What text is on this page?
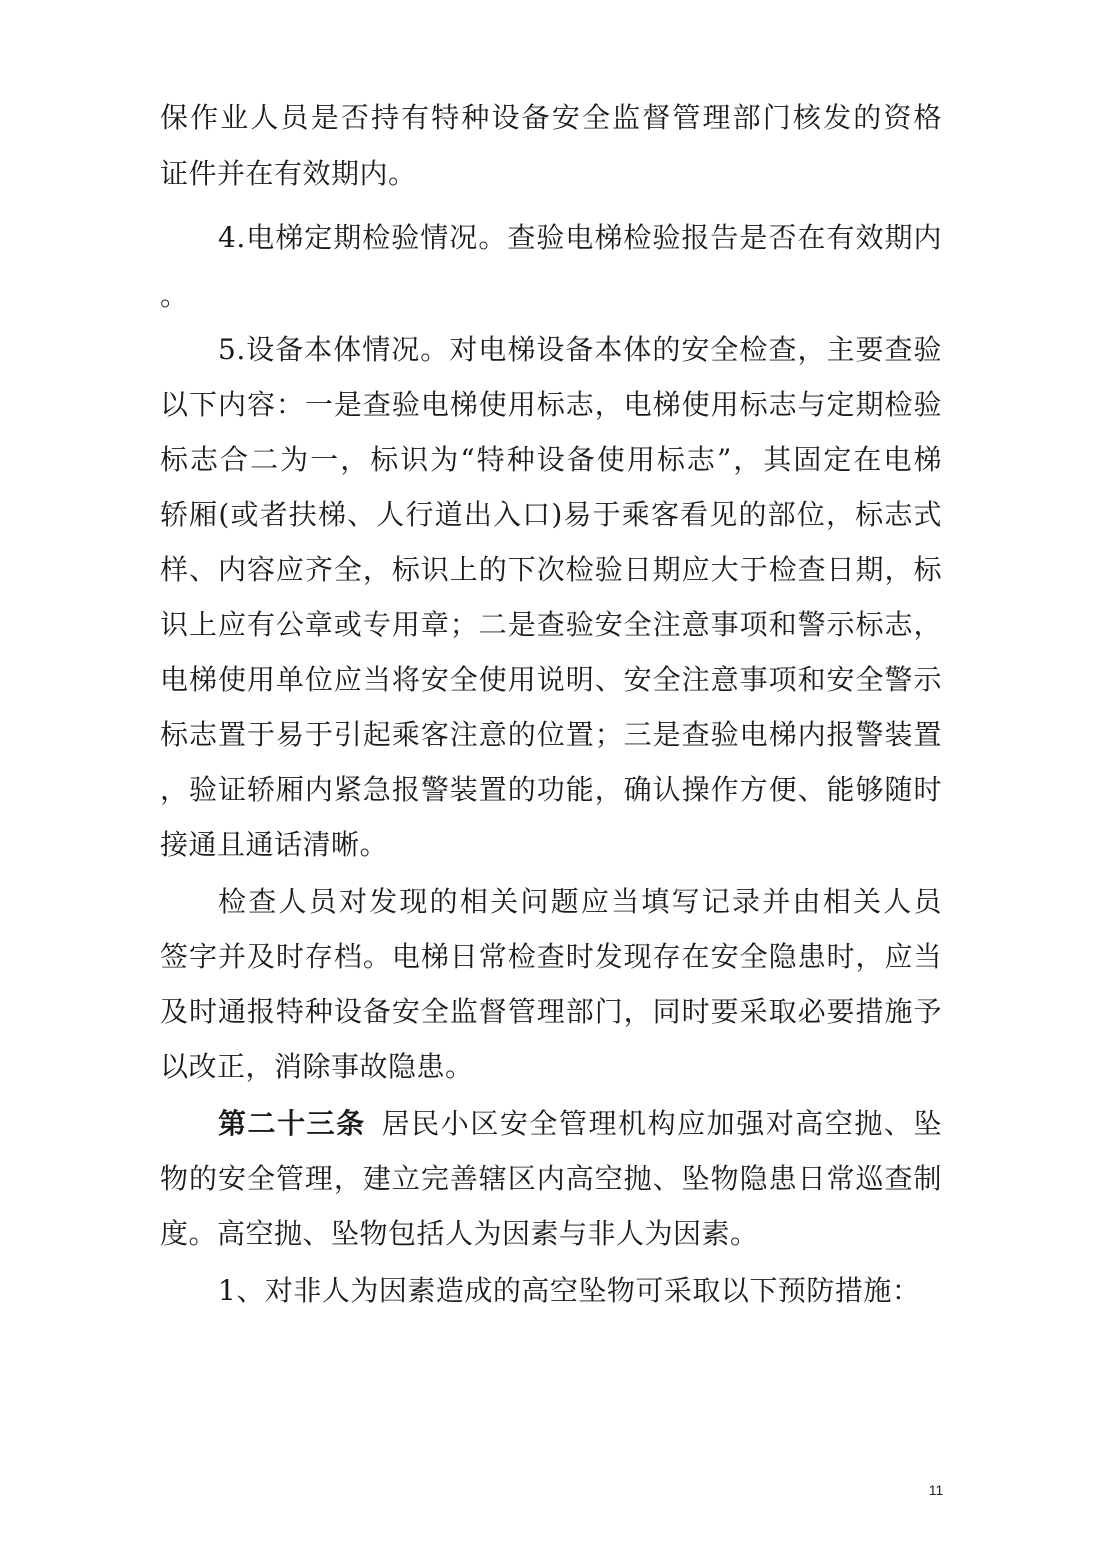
保作业人员是否持有特种设备安全监督管理部门核发的资格
证件并在有效期内。
4.电梯定期检验情况。查验电梯检验报告是否在有效期内
。
5.设备本体情况。对电梯设备本体的安全检查，主要查验
以下内容：一是查验电梯使用标志，电梯使用标志与定期检验
标志合二为一，标识为“特种设备使用标志”，其固定在电梯
轿厢(或者扶梯、人行道出入口)易于乘客看见的部位，标志式
样、内容应齐全，标识上的下次检验日期应大于检查日期，标
识上应有公章或专用章；二是查验安全注意事项和警示标志，
电梯使用单位应当将安全使用说明、安全注意事项和安全警示
标志置于易于引起乘客注意的位置；三是查验电梯内报警装置
，验证轿厢内紧急报警装置的功能，确认操作方便、能够随时
接通且通话清晰。
检查人员对发现的相关问题应当填写记录并由相关人员
签字并及时存档。电梯日常检查时发现存在安全隐患时，应当
及时通报特种设备安全监督管理部门，同时要采取必要措施予
以改正，消除事故隐患。
第二十三条 居民小区安全管理机构应加强对高空抛、坠
物的安全管理，建立完善辖区内高空抛、坠物隐患日常巡查制
度。高空抛、坠物包括人为因素与非人为因素。
1、对非人为因素造成的高空坠物可采取以下预防措施：
11
